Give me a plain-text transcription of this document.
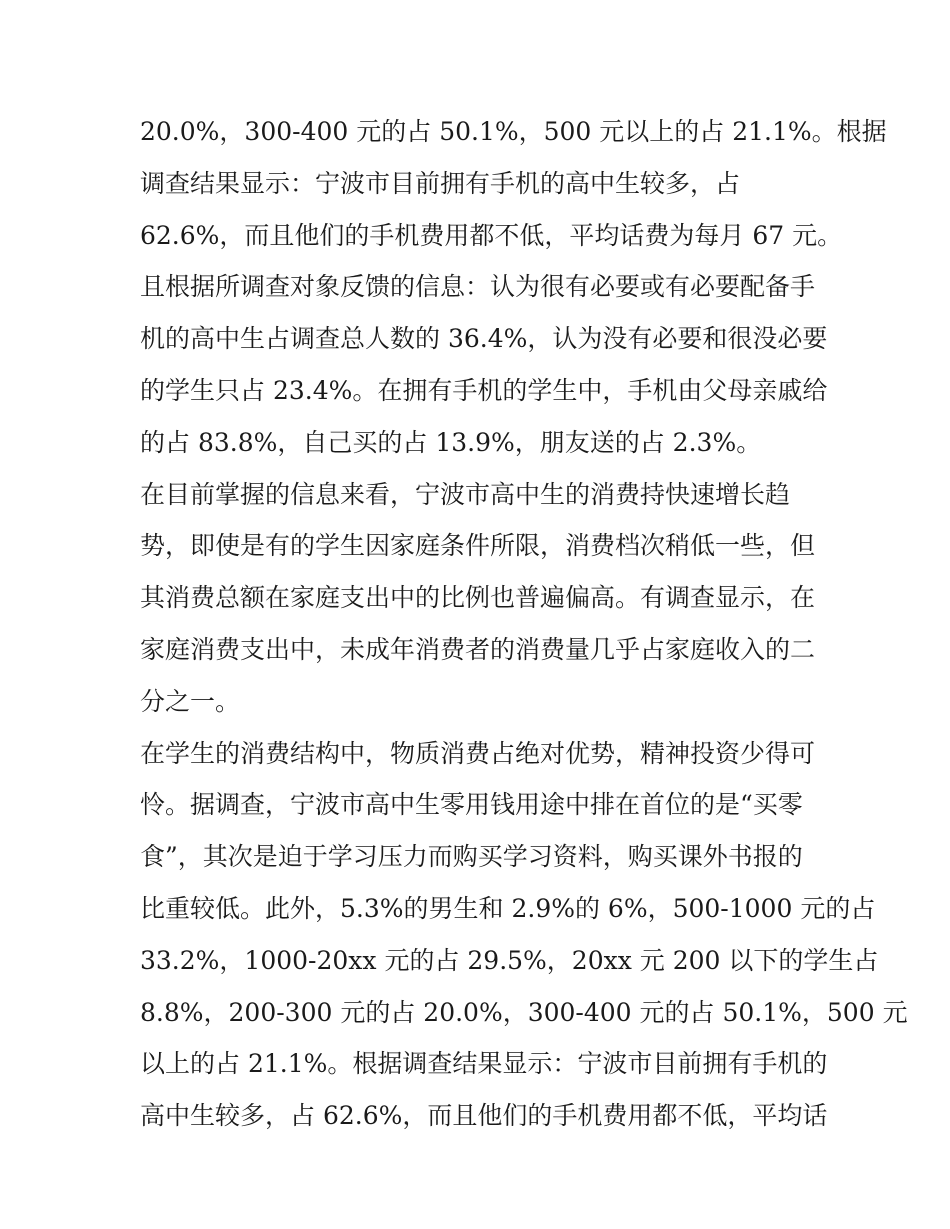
20.0%，300-400 元的占 50.1%，500 元以上的占 21.1%。根据
调查结果显示：宁波市目前拥有手机的高中生较多，占
62.6%，而且他们的手机费用都不低，平均话费为每月 67 元。
且根据所调查对象反馈的信息：认为很有必要或有必要配备手
机的高中生占调查总人数的 36.4%，认为没有必要和很没必要
的学生只占 23.4%。在拥有手机的学生中，手机由父母亲戚给
的占 83.8%，自己买的占 13.9%，朋友送的占 2.3%。
在目前掌握的信息来看，宁波市高中生的消费持快速增长趋
势，即使是有的学生因家庭条件所限，消费档次稍低一些，但
其消费总额在家庭支出中的比例也普遍偏高。有调查显示，在
家庭消费支出中，未成年消费者的消费量几乎占家庭收入的二
分之一。
在学生的消费结构中，物质消费占绝对优势，精神投资少得可
怜。据调查，宁波市高中生零用钱用途中排在首位的是“买零
食”，其次是迫于学习压力而购买学习资料，购买课外书报的
比重较低。此外，5.3%的男生和 2.9%的 6%，500-1000 元的占
33.2%，1000-20xx 元的占 29.5%，20xx 元 200 以下的学生占
8.8%，200-300 元的占 20.0%，300-400 元的占 50.1%，500 元
以上的占 21.1%。根据调查结果显示：宁波市目前拥有手机的
高中生较多，占 62.6%，而且他们的手机费用都不低，平均话
